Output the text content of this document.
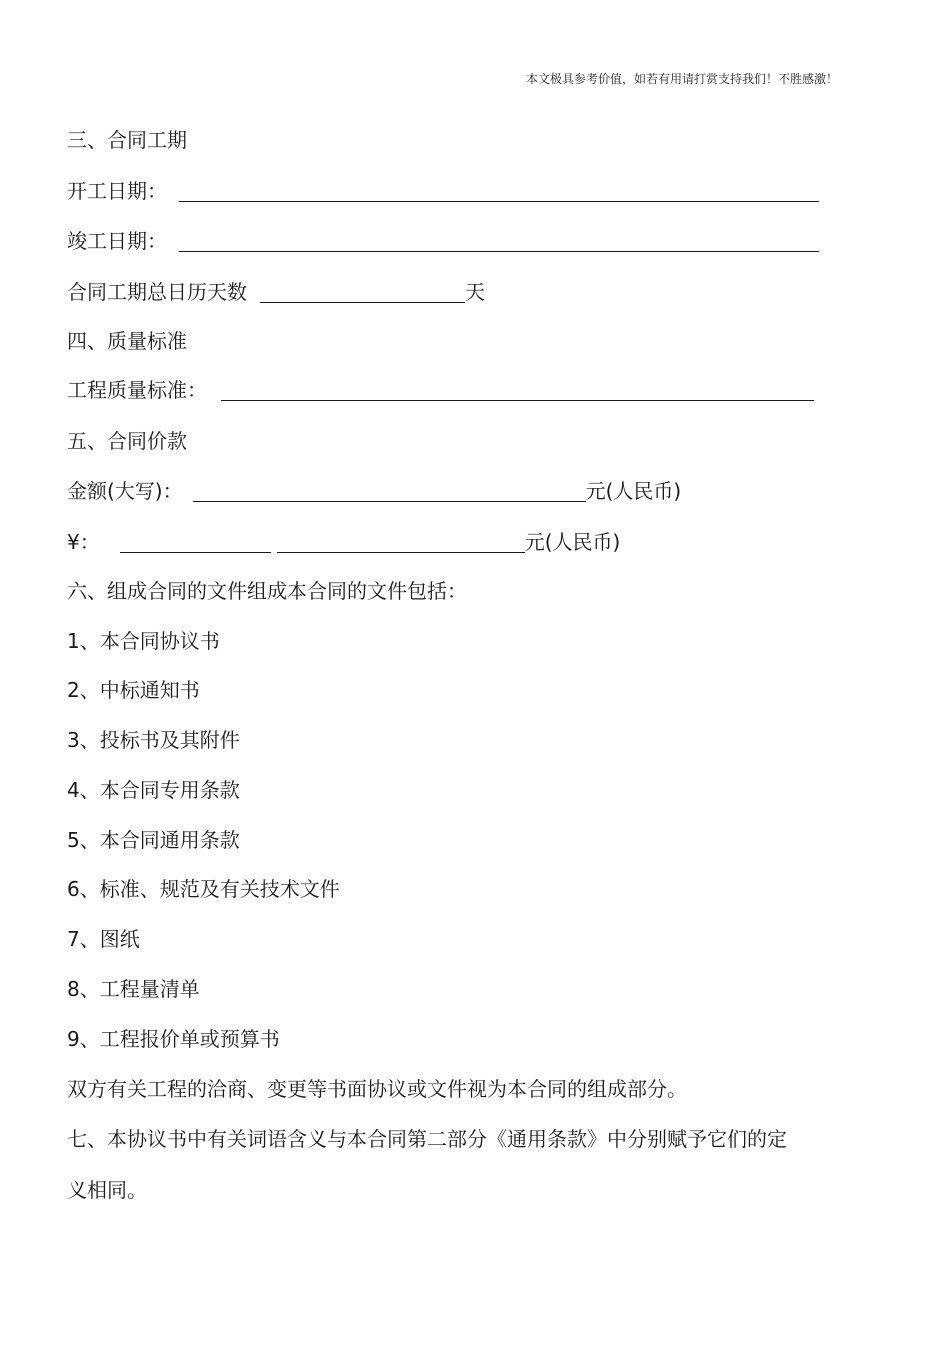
本文极具参考价值，如若有用请打赏支持我们！不胜感激！
三、合同工期
开工日期：
竣工日期：
合同工期总日历天数	天
四、质量标准
工程质量标准：
五、合同价款
金额(大写)：	元(人民币)
¥：	元(人民币)
六、组成合同的文件组成本合同的文件包括：
1、本合同协议书
2、中标通知书
3、投标书及其附件
4、本合同专用条款
5、本合同通用条款
6、标准、规范及有关技术文件
7、图纸
8、工程量清单
9、工程报价单或预算书
双方有关工程的洽商、变更等书面协议或文件视为本合同的组成部分。
七、本协议书中有关词语含义与本合同第二部分《通用条款》中分别赋予它们的定
义相同。
